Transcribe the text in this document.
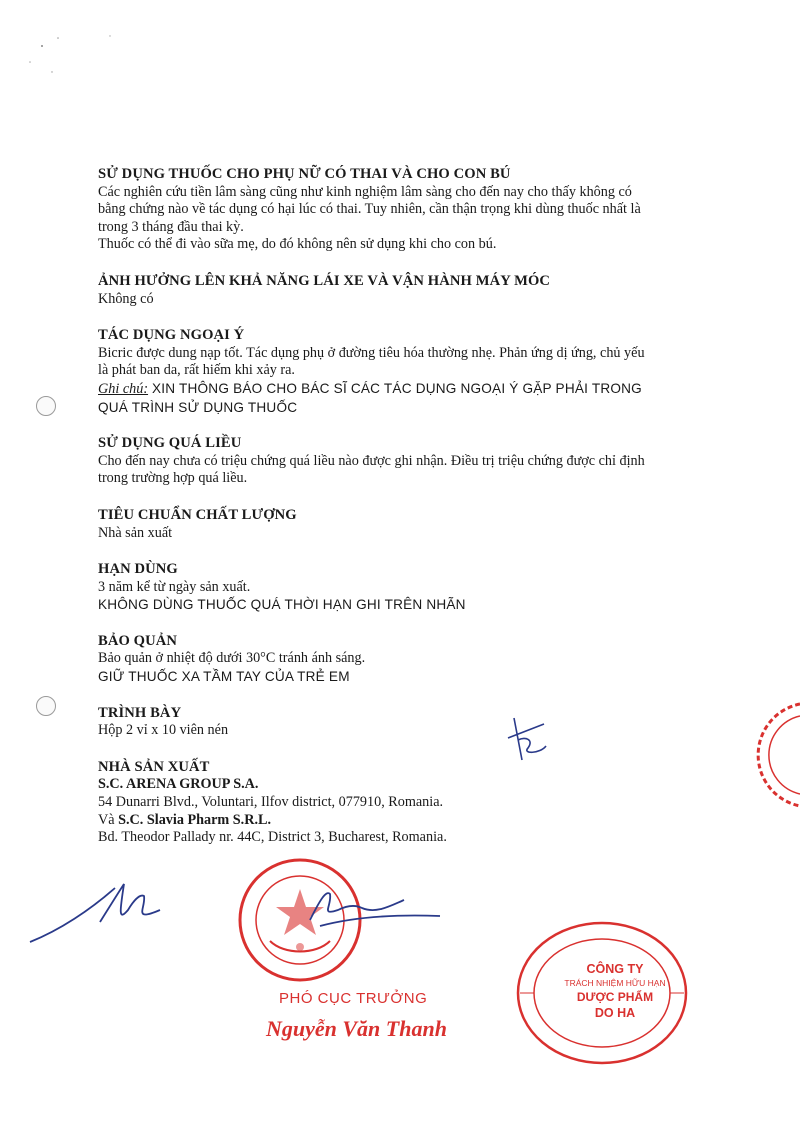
SỬ DỤNG THUỐC CHO PHỤ NỮ CÓ THAI VÀ CHO CON BÚ
Các nghiên cứu tiền lâm sàng cũng như kinh nghiệm lâm sàng cho đến nay cho thấy không có
bằng chứng nào về tác dụng có hại lúc có thai. Tuy nhiên, cần thận trọng khi dùng thuốc nhất là
trong 3 tháng đầu thai kỳ.
Thuốc có thể đi vào sữa mẹ, do đó không nên sử dụng khi cho con bú.
ẢNH HƯỞNG LÊN KHẢ NĂNG LÁI XE VÀ VẬN HÀNH MÁY MÓC
Không có
TÁC DỤNG NGOẠI Ý
Bicric được dung nạp tốt. Tác dụng phụ ở đường tiêu hóa thường nhẹ. Phản ứng dị ứng, chủ yếu
là phát ban da, rất hiếm khi xảy ra.
Ghi chú: XIN THÔNG BÁO CHO BÁC SĨ CÁC TÁC DỤNG NGOẠI Ý GẶP PHẢI TRONG
QUÁ TRÌNH SỬ DỤNG THUỐC
SỬ DỤNG QUÁ LIỀU
Cho đến nay chưa có triệu chứng quá liều nào được ghi nhận. Điều trị triệu chứng được chỉ định
trong trường hợp quá liều.
TIÊU CHUẨN CHẤT LƯỢNG
Nhà sản xuất
HẠN DÙNG
3 năm kể từ ngày sản xuất.
KHÔNG DÙNG THUỐC QUÁ THỜI HẠN GHI TRÊN NHÃN
BẢO QUẢN
Bảo quản ở nhiệt độ dưới 30°C tránh ánh sáng.
GIỮ THUỐC XA TẦM TAY CỦA TRẺ EM
TRÌNH BÀY
Hộp 2 vỉ x 10 viên nén
NHÀ SẢN XUẤT
S.C. ARENA GROUP S.A.
54 Dunarri Blvd., Voluntari, Ilfov district, 077910, Romania.
Và S.C. Slavia Pharm S.R.L.
Bd. Theodor Pallady nr. 44C, District 3, Bucharest, Romania.
PHÓ CỤC TRƯỞNG
Nguyễn Văn Thanh
CÔNG TY
TRÁCH NHIỆM HỮU HẠN
DƯỢC PHẨM
DO HA
